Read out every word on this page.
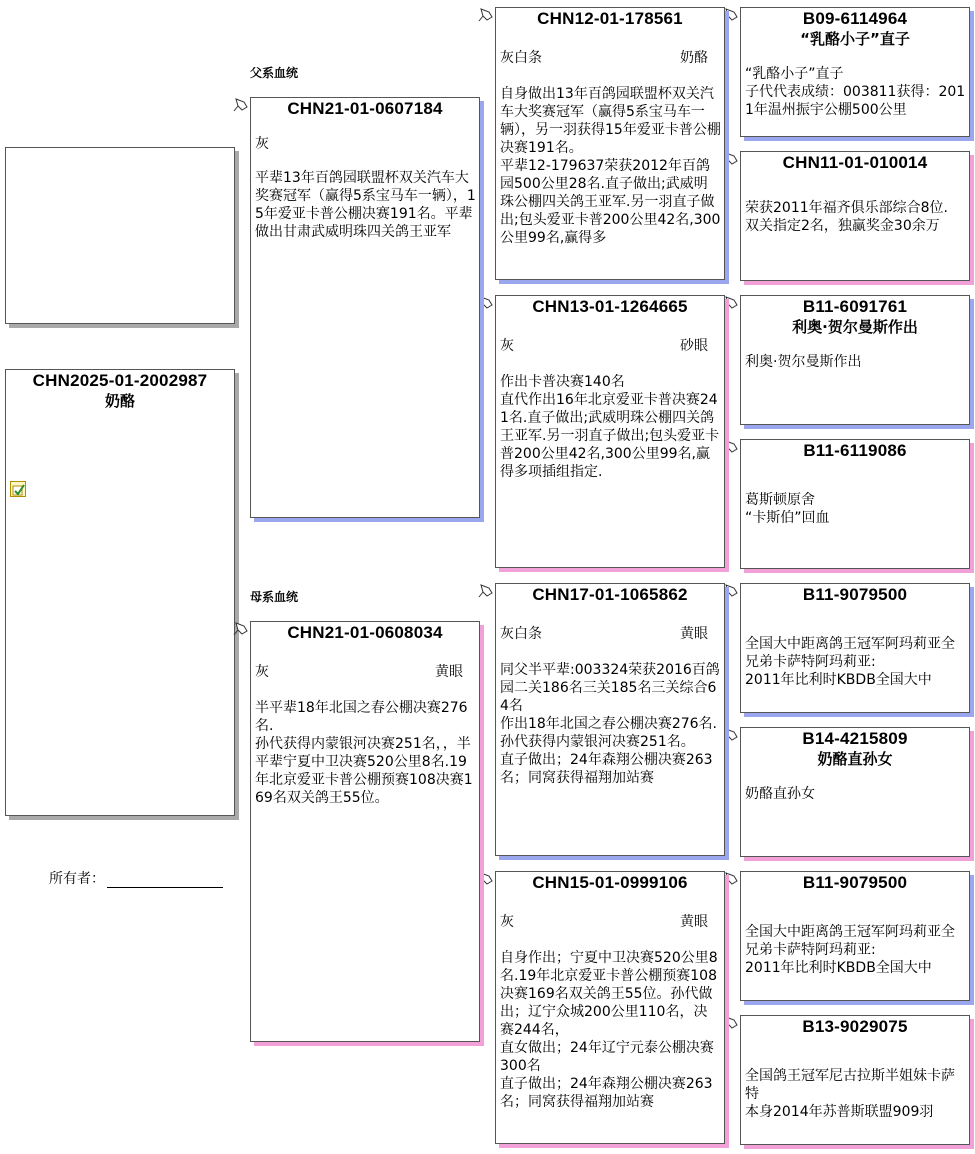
CHN2025-01-2002987
奶酪
所有者：
父系血统
母系血统
CHN21-01-0607184
灰
平辈13年百鸽园联盟杯双关汽车大奖赛冠军（赢得5系宝马车一辆），15年爱亚卡普公棚决赛191名。平辈做出甘肃武威明珠四关鸽王亚军
CHN21-01-0608034
灰	黄眼
半平辈18年北国之春公棚决赛276名.
孙代获得内蒙银河决赛251名，，半平辈宁夏中卫决赛520公里8名.19年北京爱亚卡普公棚预赛108决赛169名双关鸽王55位。
CHN12-01-178561
灰白条	奶酪
自身做出13年百鸽园联盟杯双关汽车大奖赛冠军（赢得5系宝马车一辆），另一羽获得15年爱亚卡普公棚决赛191名。
平辈12-179637荣获2012年百鸽园500公里28名.直子做出;武威明珠公棚四关鸽王亚军.另一羽直子做出;包头爱亚卡普200公里42名,300公里99名,赢得多
CHN13-01-1264665
灰	砂眼
作出卡普决赛140名
直代作出16年北京爱亚卡普决赛241名.直子做出;武威明珠公棚四关鸽王亚军.另一羽直子做出;包头爱亚卡普200公里42名,300公里99名,赢得多项插组指定.
CHN17-01-1065862
灰白条	黄眼
同父半平辈:003324荣获2016百鸽园二关186名三关185名三关综合64名
作出18年北国之春公棚决赛276名.
孙代获得内蒙银河决赛251名。
直子做出；24年森翔公棚决赛263名；同窝获得福翔加站赛
CHN15-01-0999106
灰	黄眼
自身作出；宁夏中卫决赛520公里8名.19年北京爱亚卡普公棚预赛108决赛169名双关鸽王55位。孙代做出；辽宁众城200公里110名，决赛244名，
直女做出；24年辽宁元泰公棚决赛300名
直子做出；24年森翔公棚决赛263名；同窝获得福翔加站赛
B09-6114964
“乳酪小子”直子
“乳酪小子”直子
子代代表成绩：003811获得：2011年温州振宇公棚500公里
CHN11-01-010014
荣获2011年福齐俱乐部综合8位.
双关指定2名，独赢奖金30余万
B11-6091761
利奥·贺尔曼斯作出
利奥·贺尔曼斯作出
B11-6119086
葛斯顿原舍
“卡斯伯”回血
B11-9079500
全国大中距离鸽王冠军阿玛莉亚全兄弟卡萨特阿玛莉亚:
2011年比利时KBDB全国大中
B14-4215809
奶酪直孙女
奶酪直孙女
B11-9079500
全国大中距离鸽王冠军阿玛莉亚全兄弟卡萨特阿玛莉亚:
2011年比利时KBDB全国大中
B13-9029075
全国鸽王冠军尼古拉斯半姐妹卡萨特
本身2014年苏普斯联盟909羽
